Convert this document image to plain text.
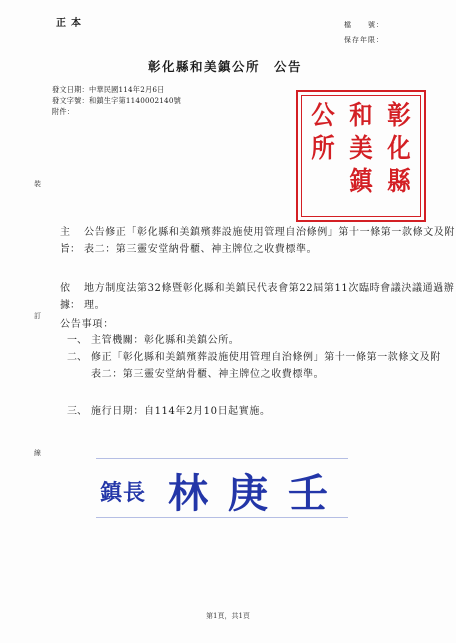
正本	檔　　號：
保存年限：
彰化縣和美鎮公所 公告
發文日期：中華民國114年2月6日
發文字號：和鎮生字第1140002140號
附件：	彰
化
縣
和
美
鎮
公
所
裝
訂
線
主旨：
公告修正「彰化縣和美鎮殯葬設施使用管理自治條例」第十一條第一款條文及附表二：第三靈安堂納骨櫃、神主牌位之收費標準。
依據：
地方制度法第32條暨彰化縣和美鎮民代表會第22屆第11次臨時會議決議通過辦理。
公告事項：
一、 主管機關：彰化縣和美鎮公所。
二、 修正「彰化縣和美鎮殯葬設施使用管理自治條例」第十一條第一款條文及附表二：第三靈安堂納骨櫃、神主牌位之收費標準。
三、 施行日期：自114年2月10日起實施。
鎮長 林庚壬
第1頁，共1頁
